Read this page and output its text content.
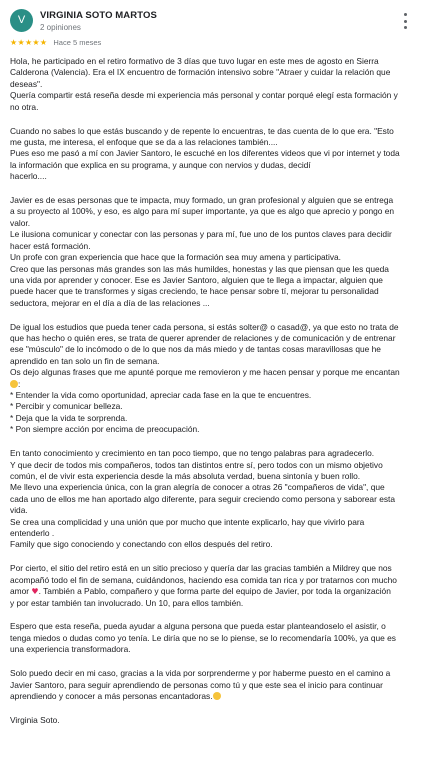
V	VIRGINIA SOTO MARTOS
2 opiniones
★★★★★ Hace 5 meses
Hola, he participado en el retiro formativo de 3 días que tuvo lugar en este mes de agosto en Sierra
Calderona (Valencia). Era el IX encuentro de formación intensivo sobre "Atraer y cuidar la relación que
deseas".
Quería compartir está reseña desde mi experiencia más personal y contar porqué elegí esta formación y
no otra.
Cuando no sabes lo que estás buscando y de repente lo encuentras, te das cuenta de lo que era. "Esto
me gusta, me interesa, el enfoque que se da a las relaciones también....
Pues eso me pasó a mí con Javier Santoro, le escuché en los diferentes videos que vi por internet y toda
la información que explica en su programa, y aunque con nervios y dudas, decidí
hacerlo....
Javier es de esas personas que te impacta, muy formado, un gran profesional y alguien que se entrega
a su proyecto al 100%, y eso, es algo para mí super importante, ya que es algo que aprecio y pongo en
valor.
Le ilusiona comunicar y conectar con las personas y para mí, fue uno de los puntos claves para decidir
hacer está formación.
Un profe con gran experiencia que hace que la formación sea muy amena y participativa.
Creo que las personas más grandes son las más humildes, honestas y las que piensan que les queda
una vida por aprender y conocer. Ese es Javier Santoro, alguien que te llega a impactar, alguien que
puede hacer que te transformes y sigas creciendo, te hace pensar sobre tí, mejorar tu personalidad
seductora, mejorar en el día a día de las relaciones ...
De igual los estudios que pueda tener cada persona, si estás solter@ o casad@, ya que esto no trata de
que has hecho o quién eres, se trata de querer aprender de relaciones y de comunicación y de entrenar
ese "músculo" de lo incómodo o de lo que nos da más miedo y de tantas cosas maravillosas que he
aprendido en tan solo un fin de semana.
Os dejo algunas frases que me apunté porque me removieron y me hacen pensar y porque me encantan
:
* Entender la vida como oportunidad, apreciar cada fase en la que te encuentres.
* Percibir y comunicar belleza.
* Deja que la vida te sorprenda.
* Pon siempre acción por encima de preocupación.
En tanto conocimiento y crecimiento en tan poco tiempo, que no tengo palabras para agradecerlo.
Y que decir de todos mis compañeros, todos tan distintos entre sí, pero todos con un mismo objetivo
común, el de vivir esta experiencia desde la más absoluta verdad, buena sintonía y buen rollo.
Me llevo una experiencia única, con la gran alegría de conocer a otras 26 "compañeros de vida", que
cada uno de ellos me han aportado algo diferente, para seguir creciendo como persona y saborear esta
vida.
Se crea una complicidad y una unión que por mucho que intente explicarlo, hay que vivirlo para
entenderlo .
Family que sigo conociendo y conectando con ellos después del retiro.
Por cierto, el sitio del retiro está en un sitio precioso y quería dar las gracias también a Mildrey que nos
acompañó todo el fin de semana, cuidándonos, haciendo esa comida tan rica y por tratarnos con mucho
amor ♥. También a Pablo, compañero y que forma parte del equipo de Javier, por toda la organización
y por estar también tan involucrado. Un 10, para ellos también.
Espero que esta reseña, pueda ayudar a alguna persona que pueda estar planteandoselo el asistir, o
tenga miedos o dudas como yo tenía. Le diría que no se lo piense, se lo recomendaría 100%, ya que es
una experiencia transformadora.
Solo puedo decir en mi caso, gracias a la vida por sorprenderme y por haberme puesto en el camino a
Javier Santoro, para seguir aprendiendo de personas como tú y que este sea el inicio para continuar
aprendiendo y conocer a más personas encantadoras.
Virginia Soto.
